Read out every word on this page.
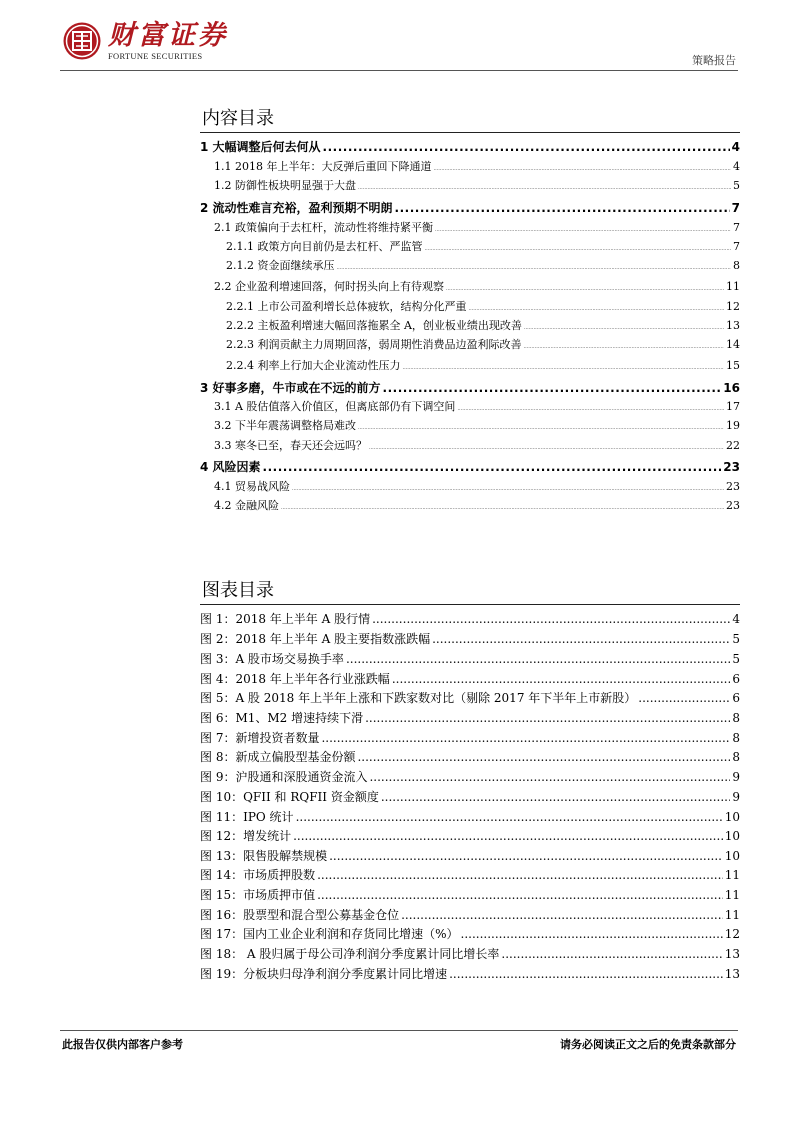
财富证券
FORTUNE SECURITIES	策略报告
内容目录
1 大幅调整后何去何从 .....	4
1.1 2018 年上半年：大反弹后重回下降通道 .....	4
1.2 防御性板块明显强于大盘 .....	5
2 流动性难言充裕，盈利预期不明朗 .....	7
2.1 政策偏向于去杠杆，流动性将维持紧平衡 .....	7
2.1.1 政策方向目前仍是去杠杆、严监管 .....	7
2.1.2 资金面继续承压 .....	8
2.2 企业盈利增速回落，何时拐头向上有待观察 .....	11
2.2.1 上市公司盈利增长总体疲软，结构分化严重 .....	12
2.2.2 主板盈利增速大幅回落拖累全 A，创业板业绩出现改善 .....	13
2.2.3 利润贡献主力周期回落，弱周期性消费品边盈利际改善 .....	14
2.2.4 利率上行加大企业流动性压力 .....	15
3 好事多磨，牛市或在不远的前方 .....	16
3.1 A 股估值落入价值区，但离底部仍有下调空间 .....	17
3.2 下半年震荡调整格局难改 .....	19
3.3 寒冬已至，春天还会远吗？ .....	22
4 风险因素 .....	23
4.1 贸易战风险 .....	23
4.2 金融风险 .....	23
图表目录
图 1：2018 年上半年 A 股行情 .....	4
图 2：2018 年上半年 A 股主要指数涨跌幅 .....	5
图 3：A 股市场交易换手率 .....	5
图 4：2018 年上半年各行业涨跌幅 .....	6
图 5：A 股 2018 年上半年上涨和下跌家数对比（剔除 2017 年下半年上市新股） .....	6
图 6：M1、M2 增速持续下滑 .....	8
图 7：新增投资者数量 .....	8
图 8：新成立偏股型基金份额 .....	8
图 9：沪股通和深股通资金流入 .....	9
图 10：QFII 和 RQFII 资金额度 .....	9
图 11：IPO 统计 .....	10
图 12：增发统计 .....	10
图 13：限售股解禁规模 .....	10
图 14：市场质押股数 .....	11
图 15：市场质押市值 .....	11
图 16：股票型和混合型公募基金仓位 .....	11
图 17：国内工业企业利润和存货同比增速（%） .....	12
图 18： A 股归属于母公司净利润分季度累计同比增长率 .....	13
图 19：分板块归母净利润分季度累计同比增速 .....	13
此报告仅供内部客户参考	请务必阅读正文之后的免责条款部分
